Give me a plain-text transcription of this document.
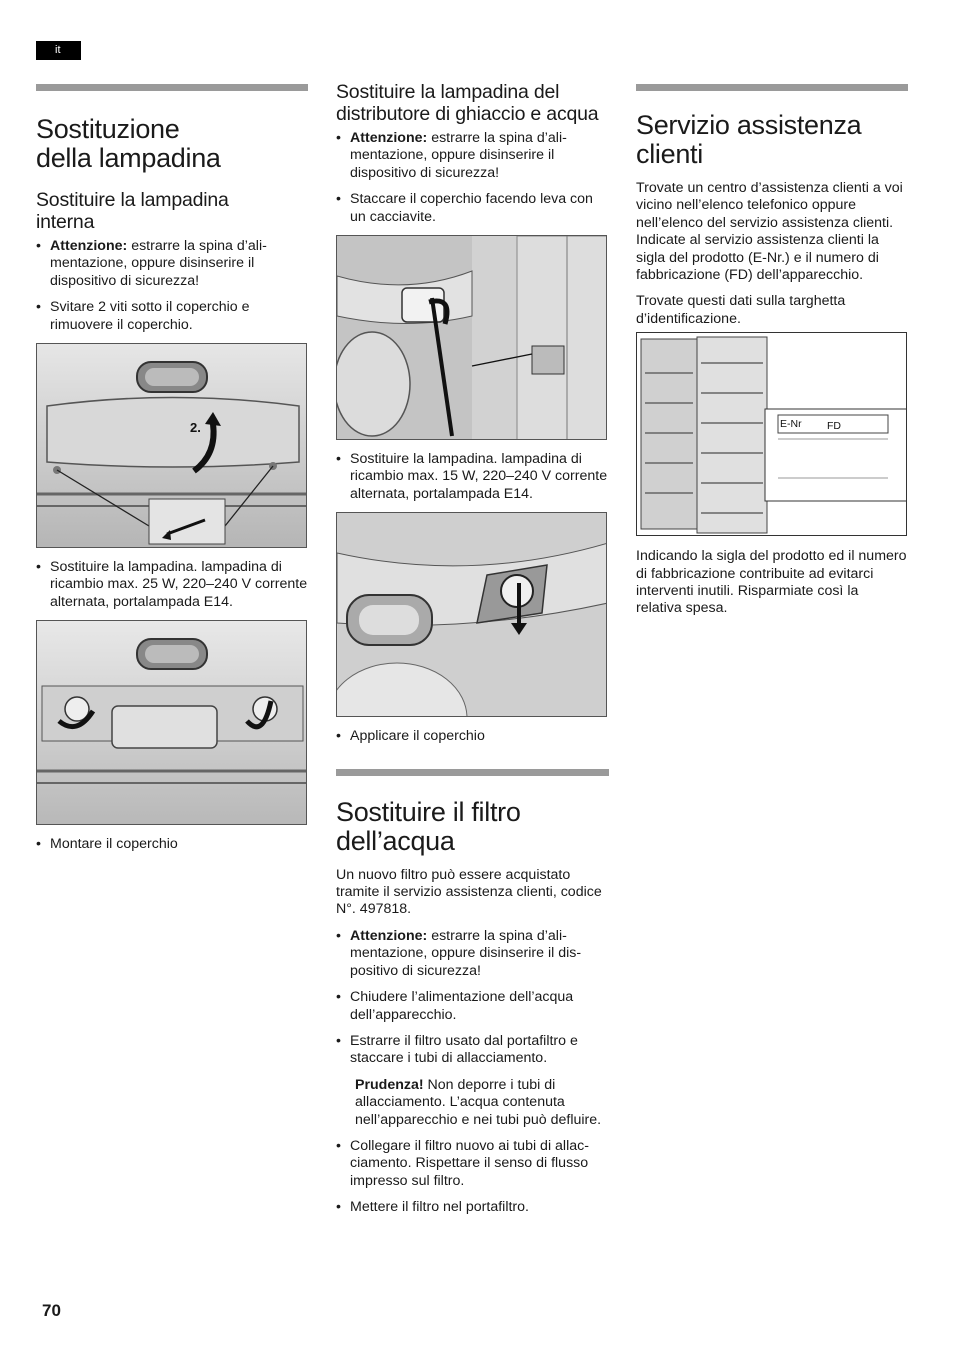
it
Sostituzione della lampadina
Sostituire la lampadina interna
• Attenzione: estrarre la spina d’alimentazione, oppure disinserire il dispositivo di sicurezza!
• Svitare 2 viti sotto il coperchio e rimuovere il coperchio.
2.
• Sostituire la lampadina. lampadina di ricambio max. 25 W, 220–240 V corrente alternata, portalampada E14.
• Montare il coperchio
Sostituire la lampadina del distributore di ghiaccio e acqua
• Attenzione: estrarre la spina d’alimentazione, oppure disinserire il dispositivo di sicurezza!
• Staccare il coperchio facendo leva con un cacciavite.
• Sostituire la lampadina. lampadina di ricambio max. 15 W, 220–240 V corrente alternata, portalampada E14.
• Applicare il coperchio
Sostituire il filtro dell’acqua

Un nuovo filtro può essere acquistato tramite il servizio assistenza clienti, codice N°. 497818.

• Attenzione: estrarre la spina d’alimentazione, oppure disinserire il dispositivo di sicurezza!
• Chiudere l’alimentazione dell’acqua dell’apparecchio.
• Estrarre il filtro usato dal portafiltro e staccare i tubi di allacciamento.

Prudenza! Non deporre i tubi di allacciamento. L’acqua contenuta nell’apparecchio e nei tubi può defluire.

• Collegare il filtro nuovo ai tubi di allacciamento. Rispettare il senso di flusso impresso sul filtro.
• Mettere il filtro nel portafiltro.
Servizio assistenza clienti

Trovate un centro d’assistenza clienti a voi vicino nell’elenco telefonico oppure nell’elenco del servizio assistenza clienti. Indicate al servizio assistenza clienti la sigla del prodotto (E-Nr.) e il numero di fabbricazione (FD) dell’apparecchio.

Trovate questi dati sulla targhetta d’identificazione.

E-Nr FD

Indicando la sigla del prodotto ed il numero di fabbricazione contribuite ad evitarci interventi inutili. Risparmiate così la relativa spesa.

70
